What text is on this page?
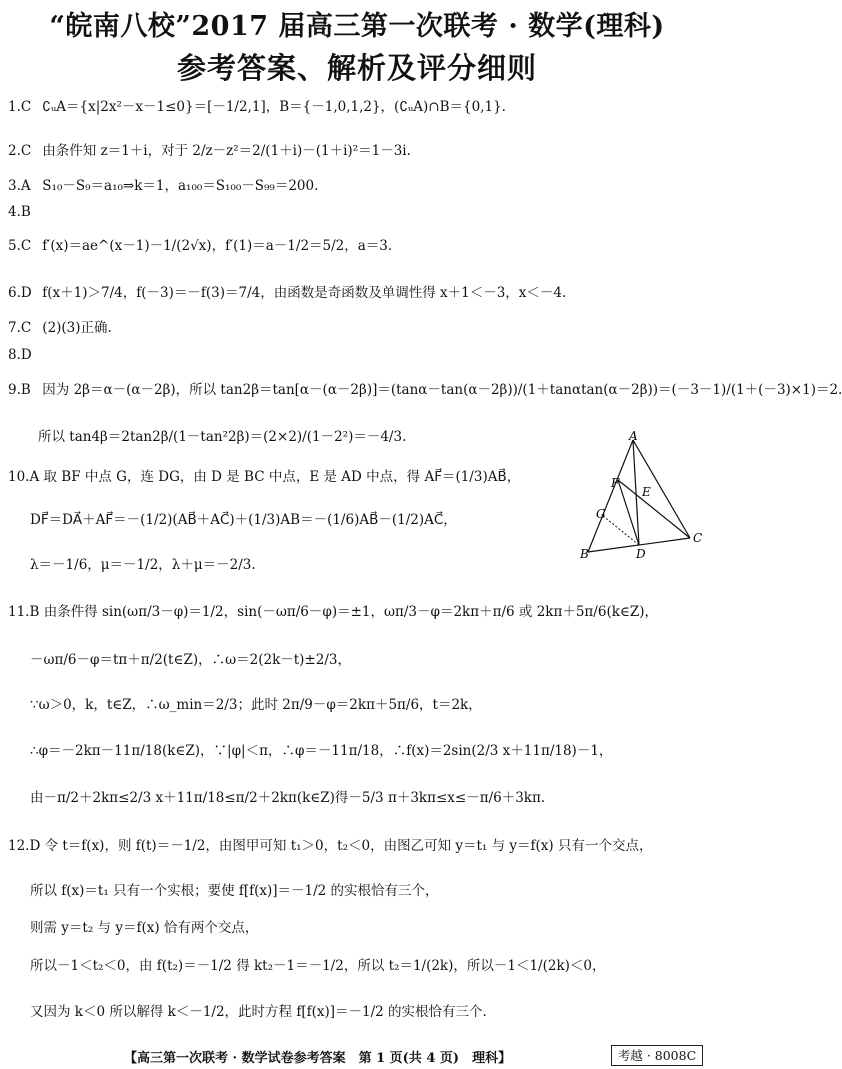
“皖南八校”2017 届高三第一次联考 · 数学(理科)
参考答案、解析及评分细则
1.C ∁ᵤA＝{x|2x²－x－1≤0}＝[－1/2,1]，B＝{－1,0,1,2}，(∁ᵤA)∩B＝{0,1}.
2.C 由条件知 z＝1＋i，对于 2/z－z²＝2/(1＋i)－(1＋i)²＝1－3i.
3.A S₁₀－S₉＝a₁₀⇒k＝1，a₁₀₀＝S₁₀₀－S₉₉＝200.
4.B
5.C f′(x)＝ae^(x－1)－1/(2√x)，f′(1)＝a－1/2＝5/2，a＝3.
6.D f(x＋1)＞7/4，f(－3)＝－f(3)＝7/4，由函数是奇函数及单调性得 x＋1＜－3，x＜－4.
7.C (2)(3)正确.
8.D
9.B 因为 2β＝α－(α－2β)，所以 tan2β＝tan[α－(α－2β)]＝(tanα－tan(α－2β))/(1＋tanαtan(α－2β))＝(－3－1)/(1＋(－3)×1)＝2.
所以 tan4β＝2tan2β/(1－tan²2β)＝(2×2)/(1－2²)＝－4/3.
10.A 取 BF 中点 G，连 DG，由 D 是 BC 中点，E 是 AD 中点，得 AF⃗＝(1/3)AB⃗，
DF⃗＝DA⃗＋AF⃗＝－(1/2)(AB⃗＋AC⃗)＋(1/3)AB＝－(1/6)AB⃗－(1/2)AC⃗，
λ＝－1/6，μ＝－1/2，λ＋μ＝－2/3.
A
B
C
D
E
F
G
11.B 由条件得 sin(ωπ/3－φ)＝1/2，sin(－ωπ/6－φ)＝±1，ωπ/3－φ＝2kπ＋π/6 或 2kπ＋5π/6(k∈Z)，
－ωπ/6－φ＝tπ＋π/2(t∈Z)，∴ω＝2(2k－t)±2/3，
∵ω＞0，k，t∈Z，∴ω_min＝2/3；此时 2π/9－φ＝2kπ＋5π/6，t＝2k，
∴φ＝－2kπ－11π/18(k∈Z)，∵|φ|＜π，∴φ＝－11π/18，∴f(x)＝2sin(2/3 x＋11π/18)－1，
由－π/2＋2kπ≤2/3 x＋11π/18≤π/2＋2kπ(k∈Z)得－5/3 π＋3kπ≤x≤－π/6＋3kπ.
12.D 令 t＝f(x)，则 f(t)＝－1/2，由图甲可知 t₁＞0，t₂＜0，由图乙可知 y＝t₁ 与 y＝f(x) 只有一个交点，
所以 f(x)＝t₁ 只有一个实根；要使 f[f(x)]＝－1/2 的实根恰有三个，
则需 y＝t₂ 与 y＝f(x) 恰有两个交点，
所以－1＜t₂＜0，由 f(t₂)＝－1/2 得 kt₂－1＝－1/2，所以 t₂＝1/(2k)，所以－1＜1/(2k)＜0，
又因为 k＜0 所以解得 k＜－1/2，此时方程 f[f(x)]＝－1/2 的实根恰有三个.
【高三第一次联考 · 数学试卷参考答案　第 1 页(共 4 页)　理科】	考越 · 8008C
